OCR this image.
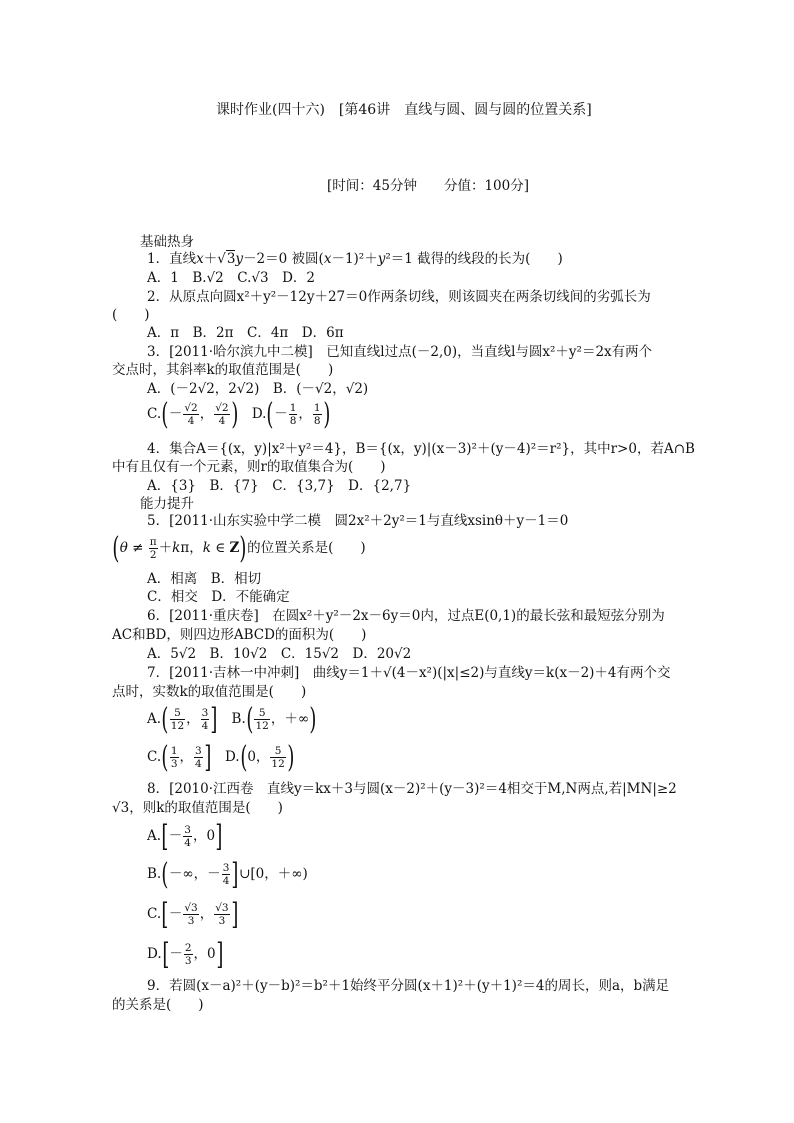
课时作业(四十六)　[第46讲　直线与圆、圆与圆的位置关系]
[时间：45分钟　　分值：100分]
基础热身
1．直线x＋√3y－2＝0 被圆(x－1)²＋y²＝1 截得的线段的长为(　　)
A．1　B.√2　C.√3　D．2
2．从原点向圆x²＋y²－12y＋27＝0作两条切线，则该圆夹在两条切线间的劣弧长为
(　　)
A．π　B．2π　C．4π　D．6π
3．[2011·哈尔滨九中二模]　已知直线l过点(－2,0)，当直线l与圆x²＋y²＝2x有两个
交点时，其斜率k的取值范围是(　　)
A．(－2√2，2√2)　B．(－√2，√2)
$C.(- \frac{√2}{4}$ ， $\frac{√2}{4}$ )　 $D.(- \frac{1}{8}$ ， $\frac{1}{8}$ )
4．集合A＝{(x，y)|x²＋y²＝4}，B＝{(x，y)|(x－3)²＋(y－4)²＝r²}，其中r>0，若A∩B
中有且仅有一个元素，则r的取值集合为(　　)
A．{3}　B．{7}　C．{3,7}　D．{2,7}
能力提升
5．[2011·山东实验中学二模　圆2x²＋2y²＝1与直线xsinθ＋y－1＝0
($\theta \ne \frac{\pi}{2} +k\pi$，k ∈ Z)的位置关系是(　　)
A．相离　B．相切
C．相交　D．不能确定
6．[2011·重庆卷]　在圆x²＋y²－2x－6y＝0内，过点E(0,1)的最长弦和最短弦分别为
AC和BD，则四边形ABCD的面积为(　　)
A．5√2　B．10√2　C．15√2　D．20√2
7．[2011·吉林一中冲刺]　曲线y＝1＋√(4－x²)(|x|≤2)与直线y＝k(x－2)＋4有两个交
点时，实数k的取值范围是(　　)
$A.( \frac{5}{12}$ ， $\frac{3}{4}$ ]　$B.( \frac{5}{12}$ ，＋∞)
$C.( \frac{1}{3}$ ， $\frac{3}{4}$ ]　D.(0， $\frac{5}{12}$ )
8．[2010·江西卷　直线y＝kx＋3与圆(x－2)²＋(y－3)²＝4相交于M,N两点,若|MN|≥2
√3，则k的取值范围是(　　)
$A.[- \frac{3}{4}$ ，0]
B.(－∞，－ $\frac{3}{4}$ ]∪[0，＋∞)
$C.[- \frac{√3}{3}$ ， $\frac{√3}{3}$ ]
$D.[- \frac{2}{3}$ ，0]
9．若圆(x－a)²＋(y－b)²＝b²＋1始终平分圆(x＋1)²＋(y＋1)²＝4的周长，则a，b满足
的关系是(　　)
